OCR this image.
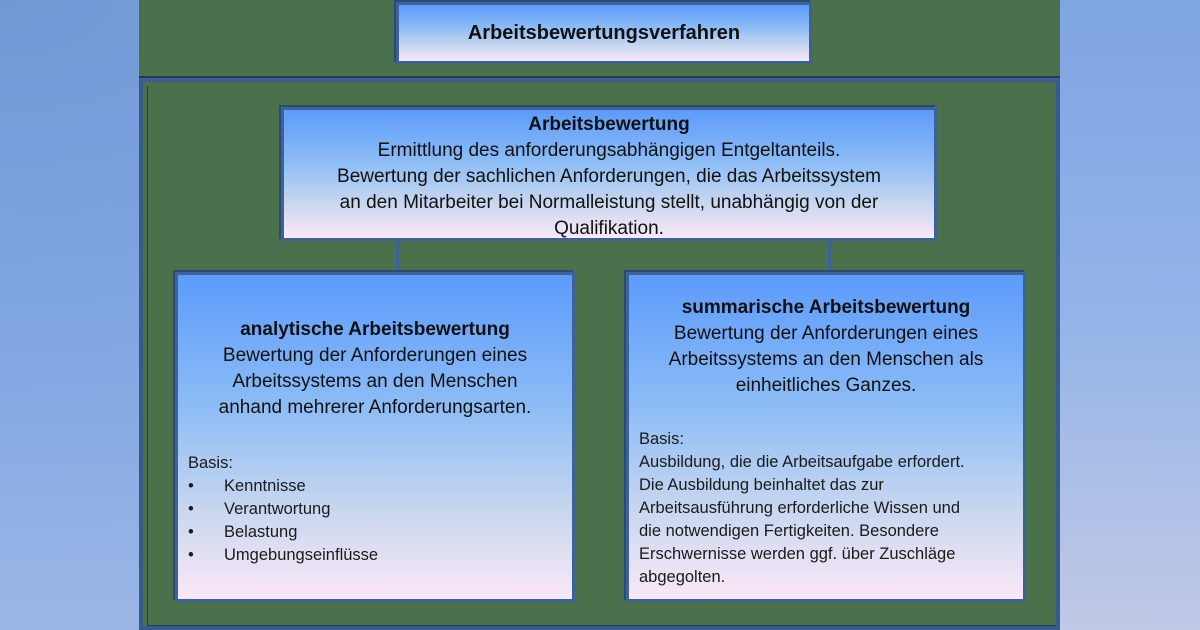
Arbeitsbewertungsverfahren
Arbeitsbewertung
Ermittlung des anforderungsabhängigen Entgeltanteils.
Bewertung der sachlichen Anforderungen, die das Arbeitssystem
an den Mitarbeiter bei Normalleistung stellt, unabhängig von der
Qualifikation.
analytische Arbeitsbewertung
Bewertung der Anforderungen eines
Arbeitssystems an den Menschen
anhand mehrerer Anforderungsarten.
Basis:
•	Kenntnisse
•	Verantwortung
•	Belastung
•	Umgebungseinflüsse
summarische Arbeitsbewertung
Bewertung der Anforderungen eines
Arbeitssystems an den Menschen als
einheitliches Ganzes.
Basis:
Ausbildung, die die Arbeitsaufgabe erfordert.
Die Ausbildung beinhaltet das zur
Arbeitsausführung erforderliche Wissen und
die notwendigen Fertigkeiten. Besondere
Erschwernisse werden ggf. über Zuschläge
abgegolten.
